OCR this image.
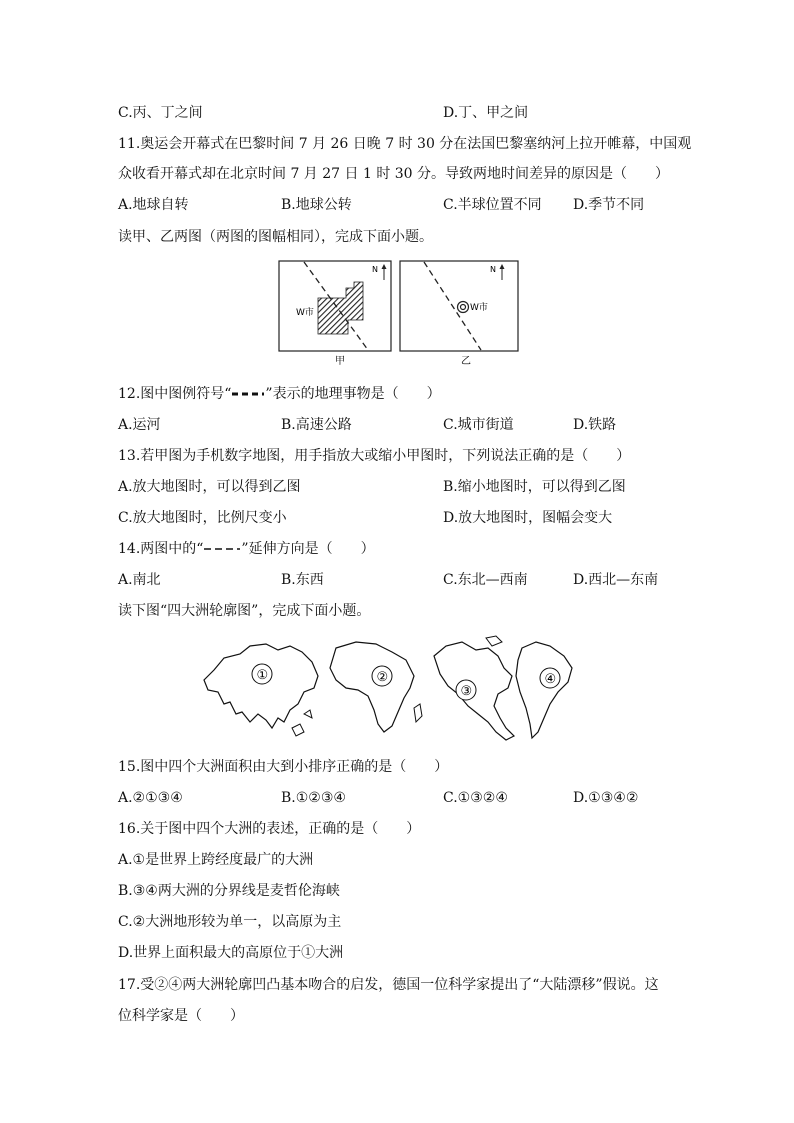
C.丙、丁之间	D.丁、甲之间
11.奥运会开幕式在巴黎时间 7 月 26 日晚 7 时 30 分在法国巴黎塞纳河上拉开帷幕，中国观
众收看开幕式却在北京时间 7 月 27 日 1 时 30 分。导致两地时间差异的原因是（　　）
A.地球自转	B.地球公转	C.半球位置不同 D.季节不同
读甲、乙两图（两图的图幅相同），完成下面小题。
W市
N
甲
W市
N
乙
12.图中图例符号“ ”表示的地理事物是（　　）
A.运河	B.高速公路	C.城市街道	D.铁路
13.若甲图为手机数字地图，用手指放大或缩小甲图时，下列说法正确的是（　　）
A.放大地图时，可以得到乙图	B.缩小地图时，可以得到乙图
C.放大地图时，比例尺变小	D.放大地图时，图幅会变大
14.两图中的“	”延伸方向是（　　）
A.南北	B.东西	C.东北—西南	D.西北—东南
读下图“四大洲轮廓图”，完成下面小题。
①	②
③
④
15.图中四个大洲面积由大到小排序正确的是（　　）
A.②①③④	B.①②③④	C.①③②④	D.①③④②
16.关于图中四个大洲的表述，正确的是（　　）
A.①是世界上跨经度最广的大洲
B.③④两大洲的分界线是麦哲伦海峡
C.②大洲地形较为单一，以高原为主
D.世界上面积最大的高原位于①大洲
17.受②④两大洲轮廓凹凸基本吻合的启发，德国一位科学家提出了“大陆漂移”假说。这
位科学家是（　　）
